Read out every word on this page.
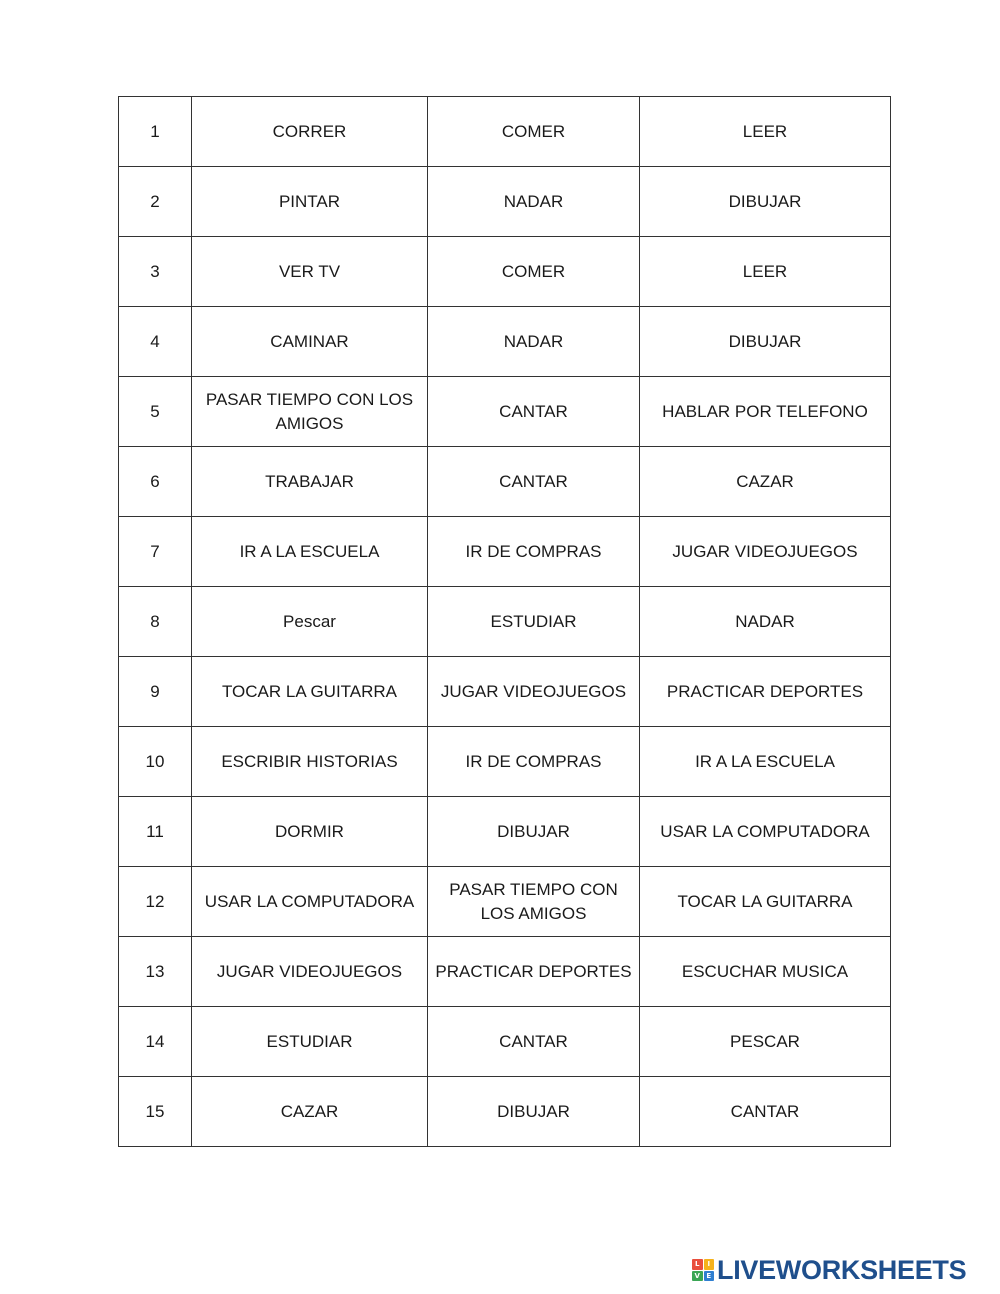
1	CORRER	COMER	LEER
2	PINTAR	NADAR	DIBUJAR
3	VER TV	COMER	LEER
4	CAMINAR	NADAR	DIBUJAR
5	PASAR TIEMPO CON LOS AMIGOS	CANTAR	HABLAR POR TELEFONO
6	TRABAJAR	CANTAR	CAZAR
7	IR A LA ESCUELA	IR DE COMPRAS	JUGAR VIDEOJUEGOS
8	Pescar	ESTUDIAR	NADAR
9	TOCAR LA GUITARRA	JUGAR VIDEOJUEGOS	PRACTICAR DEPORTES
10	ESCRIBIR HISTORIAS	IR DE COMPRAS	IR A LA ESCUELA
11	DORMIR	DIBUJAR	USAR LA COMPUTADORA
12	USAR LA COMPUTADORA	PASAR TIEMPO CON LOS AMIGOS	TOCAR LA GUITARRA
13	JUGAR VIDEOJUEGOS	PRACTICAR DEPORTES	ESCUCHAR MUSICA
14	ESTUDIAR	CANTAR	PESCAR
15	CAZAR	DIBUJAR	CANTAR
L	I
V E LIVEWORKSHEETS
